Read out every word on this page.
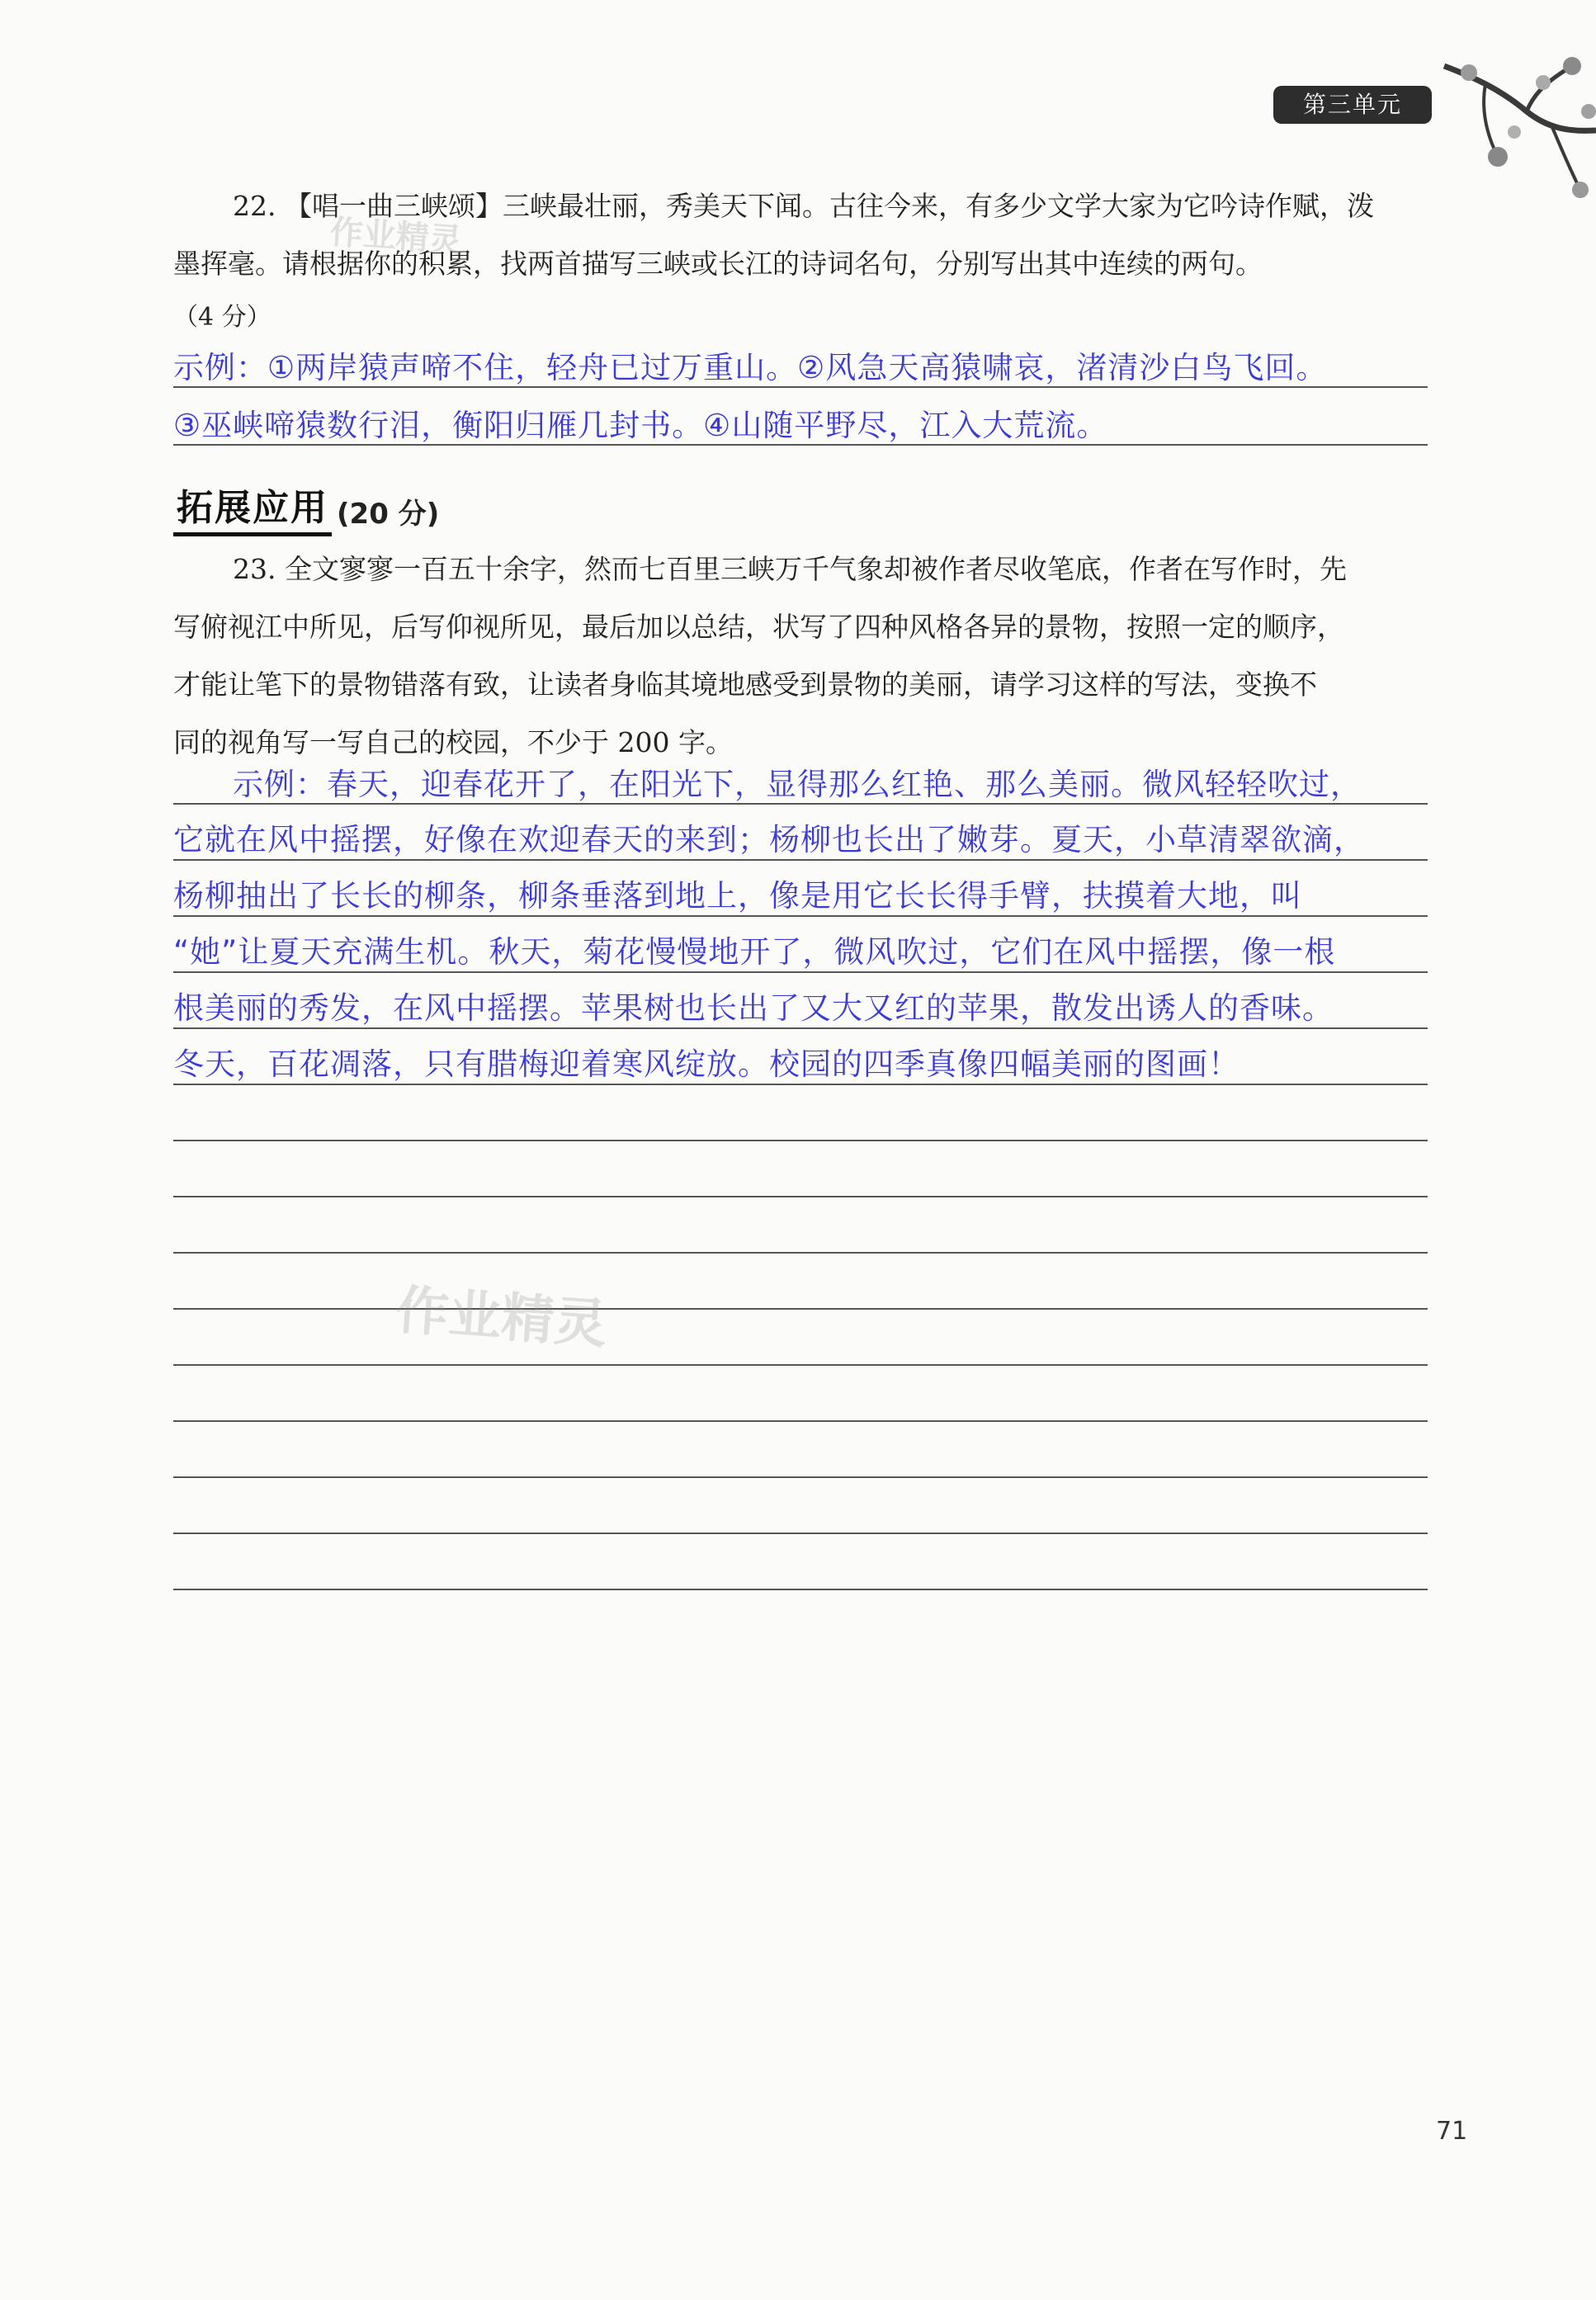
第三单元

22. 【唱一曲三峡颂】三峡最壮丽，秀美天下闻。古往今来，有多少文学大家为它吟诗作赋，泼

墨挥毫。请根据你的积累，找两首描写三峡或长江的诗词名句，分别写出其中连续的两句。

（4 分）

示例：①两岸猿声啼不住，轻舟已过万重山。②风急天高猿啸哀，渚清沙白鸟飞回。
③巫峡啼猿数行泪，衡阳归雁几封书。④山随平野尽，江入大荒流。
拓展应用 (20 分)

23. 全文寥寥一百五十余字，然而七百里三峡万千气象却被作者尽收笔底，作者在写作时，先

写俯视江中所见，后写仰视所见，最后加以总结，状写了四种风格各异的景物，按照一定的顺序，

才能让笔下的景物错落有致，让读者身临其境地感受到景物的美丽，请学习这样的写法，变换不

同的视角写一写自己的校园，不少于 200 字。

示例：春天，迎春花开了，在阳光下，显得那么红艳、那么美丽。微风轻轻吹过，
它就在风中摇摆，好像在欢迎春天的来到；杨柳也长出了嫩芽。夏天，小草清翠欲滴，
杨柳抽出了长长的柳条，柳条垂落到地上，像是用它长长得手臂，扶摸着大地，叫
“她”让夏天充满生机。秋天，菊花慢慢地开了，微风吹过，它们在风中摇摆，像一根
根美丽的秀发，在风中摇摆。苹果树也长出了又大又红的苹果，散发出诱人的香味。
冬天，百花凋落，只有腊梅迎着寒风绽放。校园的四季真像四幅美丽的图画！
作业精灵
作业精灵
71
